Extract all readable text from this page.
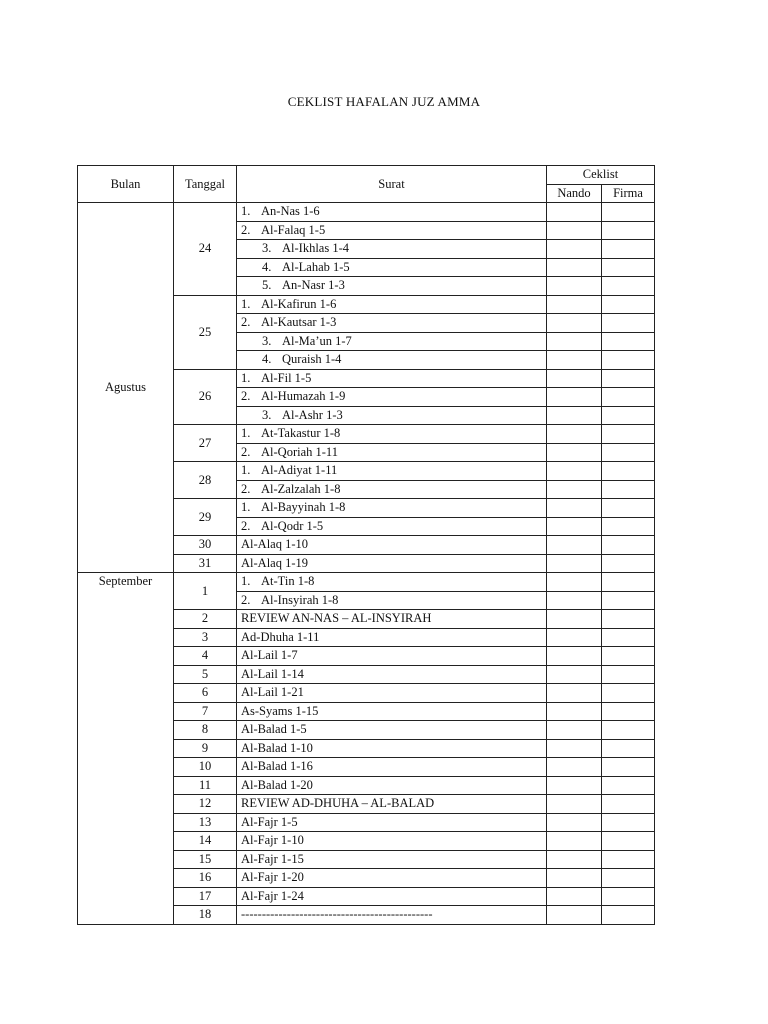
CEKLIST HAFALAN JUZ AMMA
Bulan	Tanggal	Surat	Ceklist	
			Nando	Firma
Agustus	24	1. An-Nas 1-6		
		2. Al-Falaq 1-5		
		3. Al-Ikhlas 1-4		
		4. Al-Lahab 1-5		
		5. An-Nasr 1-3		
	25	1. Al-Kafirun 1-6		
		2. Al-Kautsar 1-3		
		3. Al-Ma’un 1-7		
		4. Quraish 1-4		
	26	1. Al-Fil 1-5		
		2. Al-Humazah 1-9		
		3. Al-Ashr 1-3		
	27	1. At-Takastur 1-8		
		2. Al-Qoriah 1-11		
	28	1. Al-Adiyat 1-11		
		2. Al-Zalzalah 1-8		
	29	1. Al-Bayyinah 1-8		
		2. Al-Qodr 1-5		
	30	Al-Alaq 1-10		
	31	Al-Alaq 1-19		
September	1	1. At-Tin 1-8		
		2. Al-Insyirah 1-8		
	2	REVIEW AN-NAS – AL-INSYIRAH		
	3	Ad-Dhuha 1-11		
	4	Al-Lail 1-7		
	5	Al-Lail 1-14		
	6	Al-Lail 1-21		
	7	As-Syams 1-15		
	8	Al-Balad 1-5		
	9	Al-Balad 1-10		
	10	Al-Balad 1-16		
	11	Al-Balad 1-20		
	12	REVIEW AD-DHUHA – AL-BALAD		
	13	Al-Fajr 1-5		
	14	Al-Fajr 1-10		
	15	Al-Fajr 1-15		
	16	Al-Fajr 1-20		
	17	Al-Fajr 1-24		
	18	----------------------------------------------		
